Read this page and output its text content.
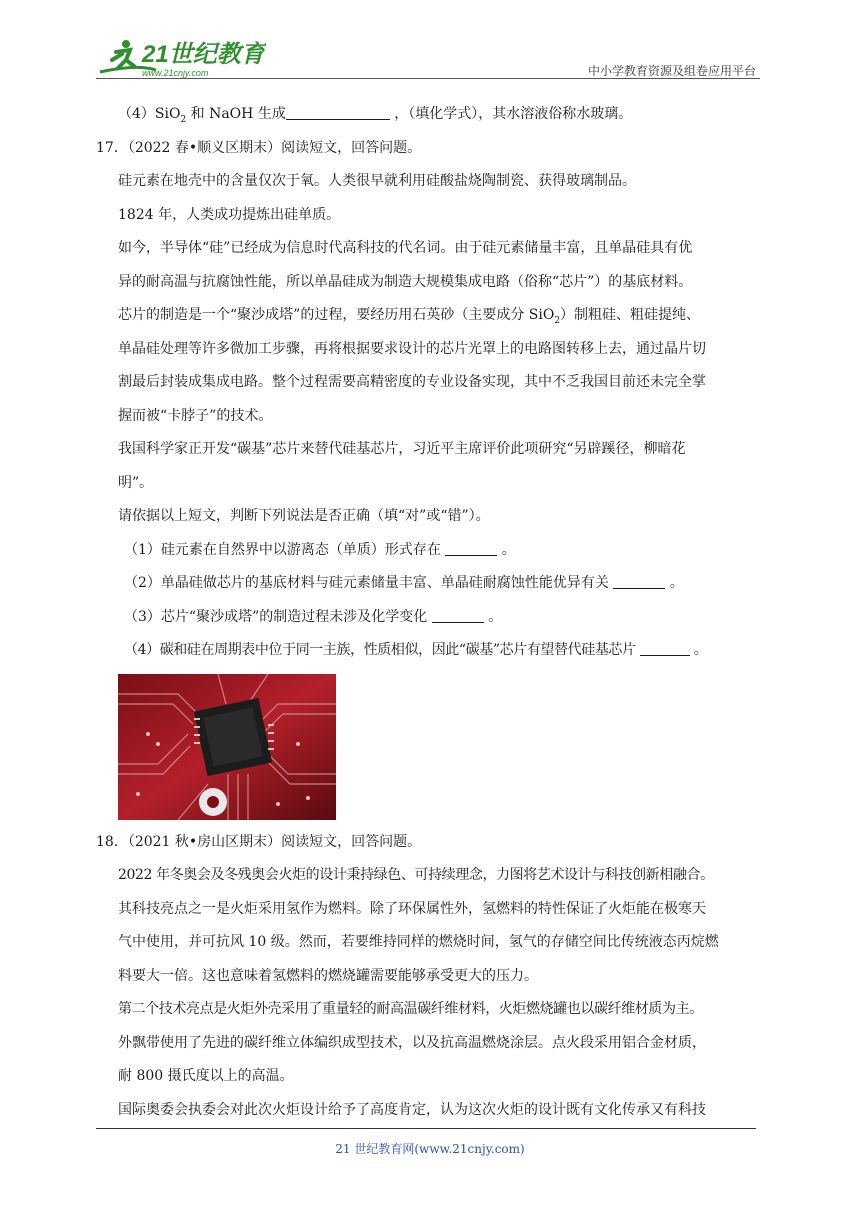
21世纪教育
www.21cnjy.com	中小学教育资源及组卷应用平台
（4）SiO$_2$ 和 NaOH 生成	，（填化学式），其水溶液俗称水玻璃。
17．（2022 春•顺义区期末）阅读短文，回答问题。
硅元素在地壳中的含量仅次于氧。人类很早就利用硅酸盐烧陶制瓷、获得玻璃制品。
1824 年，人类成功提炼出硅单质。
如今，半导体“硅”已经成为信息时代高科技的代名词。由于硅元素储量丰富，且单晶硅具有优
异的耐高温与抗腐蚀性能，所以单晶硅成为制造大规模集成电路（俗称“芯片”）的基底材料。
芯片的制造是一个“聚沙成塔”的过程，要经历用石英砂（主要成分 SiO$_2$）制粗硅、粗硅提纯、
单晶硅处理等许多微加工步骤，再将根据要求设计的芯片光罩上的电路图转移上去，通过晶片切
割最后封装成集成电路。整个过程需要高精密度的专业设备实现，其中不乏我国目前还未完全掌
握而被“卡脖子”的技术。
我国科学家正开发“碳基”芯片来替代硅基芯片，习近平主席评价此项研究“另辟蹊径，柳暗花
明”。
请依据以上短文，判断下列说法是否正确（填“对”或“错”）。
（1）硅元素在自然界中以游离态（单质）形式存在	。
（2）单晶硅做芯片的基底材料与硅元素储量丰富、单晶硅耐腐蚀性能优异有关	。
（3）芯片“聚沙成塔”的制造过程未涉及化学变化	。
（4）碳和硅在周期表中位于同一主族，性质相似，因此“碳基”芯片有望替代硅基芯片	。
18．（2021 秋•房山区期末）阅读短文，回答问题。
2022 年冬奥会及冬残奥会火炬的设计秉持绿色、可持续理念，力图将艺术设计与科技创新相融合。
其科技亮点之一是火炬采用氢作为燃料。除了环保属性外，氢燃料的特性保证了火炬能在极寒天
气中使用，并可抗风 10 级。然而，若要维持同样的燃烧时间，氢气的存储空间比传统液态丙烷燃
料要大一倍。这也意味着氢燃料的燃烧罐需要能够承受更大的压力。
第二个技术亮点是火炬外壳采用了重量轻的耐高温碳纤维材料，火炬燃烧罐也以碳纤维材质为主。
外飘带使用了先进的碳纤维立体编织成型技术，以及抗高温燃烧涂层。点火段采用铝合金材质，
耐 800 摄氏度以上的高温。
国际奥委会执委会对此次火炬设计给予了高度肯定，认为这次火炬的设计既有文化传承又有科技
21 世纪教育网(www.21cnjy.com)
